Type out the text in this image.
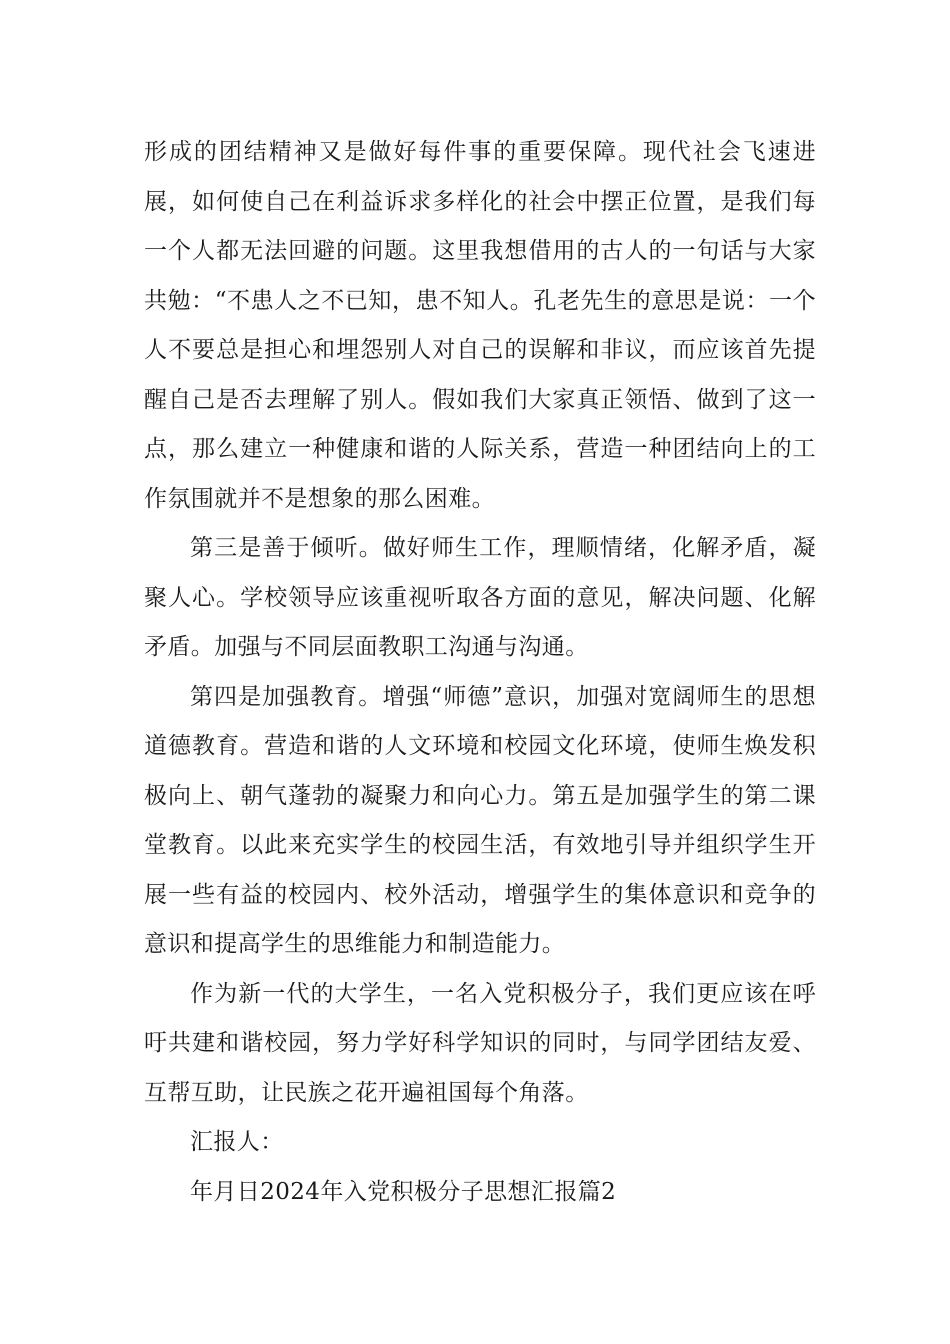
形成的团结精神又是做好每件事的重要保障。现代社会飞速进展，如何使自己在利益诉求多样化的社会中摆正位置，是我们每一个人都无法回避的问题。这里我想借用的古人的一句话与大家共勉：“不患人之不已知，患不知人。孔老先生的意思是说：一个人不要总是担心和埋怨别人对自己的误解和非议，而应该首先提醒自己是否去理解了别人。假如我们大家真正领悟、做到了这一点，那么建立一种健康和谐的人际关系，营造一种团结向上的工作氛围就并不是想象的那么困难。

第三是善于倾听。做好师生工作，理顺情绪，化解矛盾，凝聚人心。学校领导应该重视听取各方面的意见，解决问题、化解矛盾。加强与不同层面教职工沟通与沟通。

第四是加强教育。增强“师德”意识，加强对宽阔师生的思想道德教育。营造和谐的人文环境和校园文化环境，使师生焕发积极向上、朝气蓬勃的凝聚力和向心力。第五是加强学生的第二课堂教育。以此来充实学生的校园生活，有效地引导并组织学生开展一些有益的校园内、校外活动，增强学生的集体意识和竞争的意识和提高学生的思维能力和制造能力。

作为新一代的大学生，一名入党积极分子，我们更应该在呼吁共建和谐校园，努力学好科学知识的同时，与同学团结友爱、互帮互助，让民族之花开遍祖国每个角落。

汇报人：

年月日2024年入党积极分子思想汇报篇2
